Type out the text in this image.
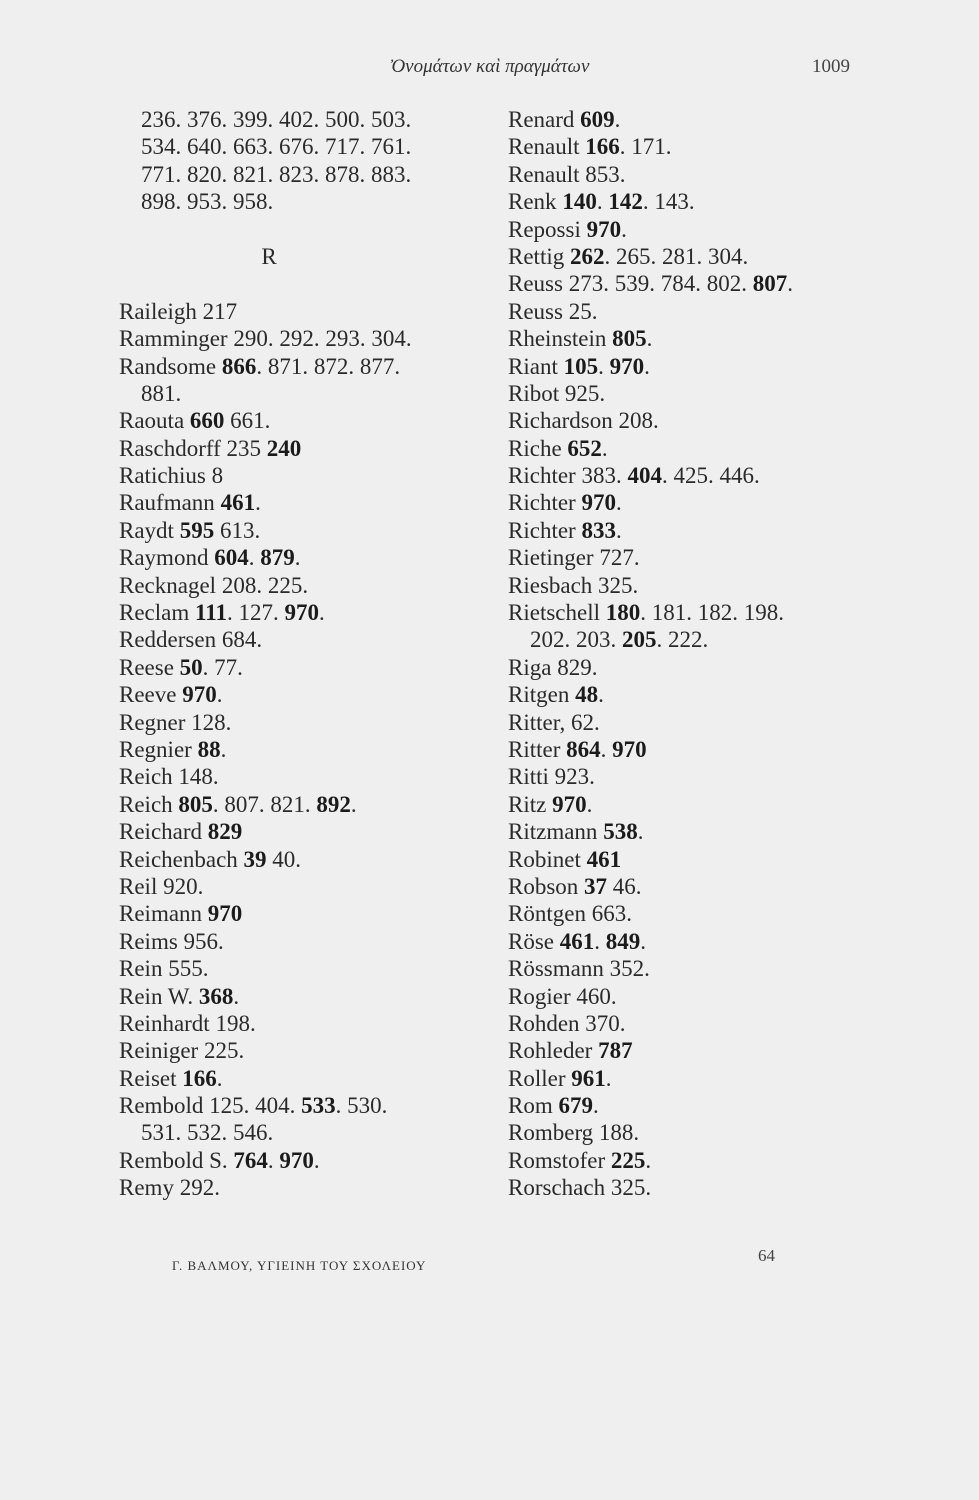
Ὀνομάτων καὶ πραγμάτων	1009
236. 376. 399. 402. 500. 503.
534. 640. 663. 676. 717. 761.
771. 820. 821. 823. 878. 883.
898. 953. 958.
R
Raileigh 217
Ramminger 290. 292. 293. 304.
Randsome 866. 871. 872. 877.
881.
Raouta 660 661.
Raschdorff 235 240
Ratichius 8
Raufmann 461.
Raydt 595 613.
Raymond 604. 879.
Recknagel 208. 225.
Reclam 111. 127. 970.
Reddersen 684.
Reese 50. 77.
Reeve 970.
Regner 128.
Regnier 88.
Reich 148.
Reich 805. 807. 821. 892.
Reichard 829
Reichenbach 39 40.
Reil 920.
Reimann 970
Reims 956.
Rein 555.
Rein W. 368.
Reinhardt 198.
Reiniger 225.
Reiset 166.
Rembold 125. 404. 533. 530.
531. 532. 546.
Rembold S. 764. 970.
Remy 292.
Renard 609.
Renault 166. 171.
Renault 853.
Renk 140. 142. 143.
Repossi 970.
Rettig 262. 265. 281. 304.
Reuss 273. 539. 784. 802. 807.
Reuss 25.
Rheinstein 805.
Riant 105. 970.
Ribot 925.
Richardson 208.
Riche 652.
Richter 383. 404. 425. 446.
Richter 970.
Richter 833.
Rietinger 727.
Riesbach 325.
Rietschell 180. 181. 182. 198.
202. 203. 205. 222.
Riga 829.
Ritgen 48.
Ritter, 62.
Ritter 864. 970
Ritti 923.
Ritz 970.
Ritzmann 538.
Robinet 461
Robson 37 46.
Röntgen 663.
Röse 461. 849.
Rössmann 352.
Rogier 460.
Rohden 370.
Rohleder 787
Roller 961.
Rom 679.
Romberg 188.
Romstofer 225.
Rorschach 325.
Γ. ΒΑΛΜΟΥ, ΥΓΙΕΙΝΗ ΤΟΥ ΣΧΟΛΕΙΟΥ
64
